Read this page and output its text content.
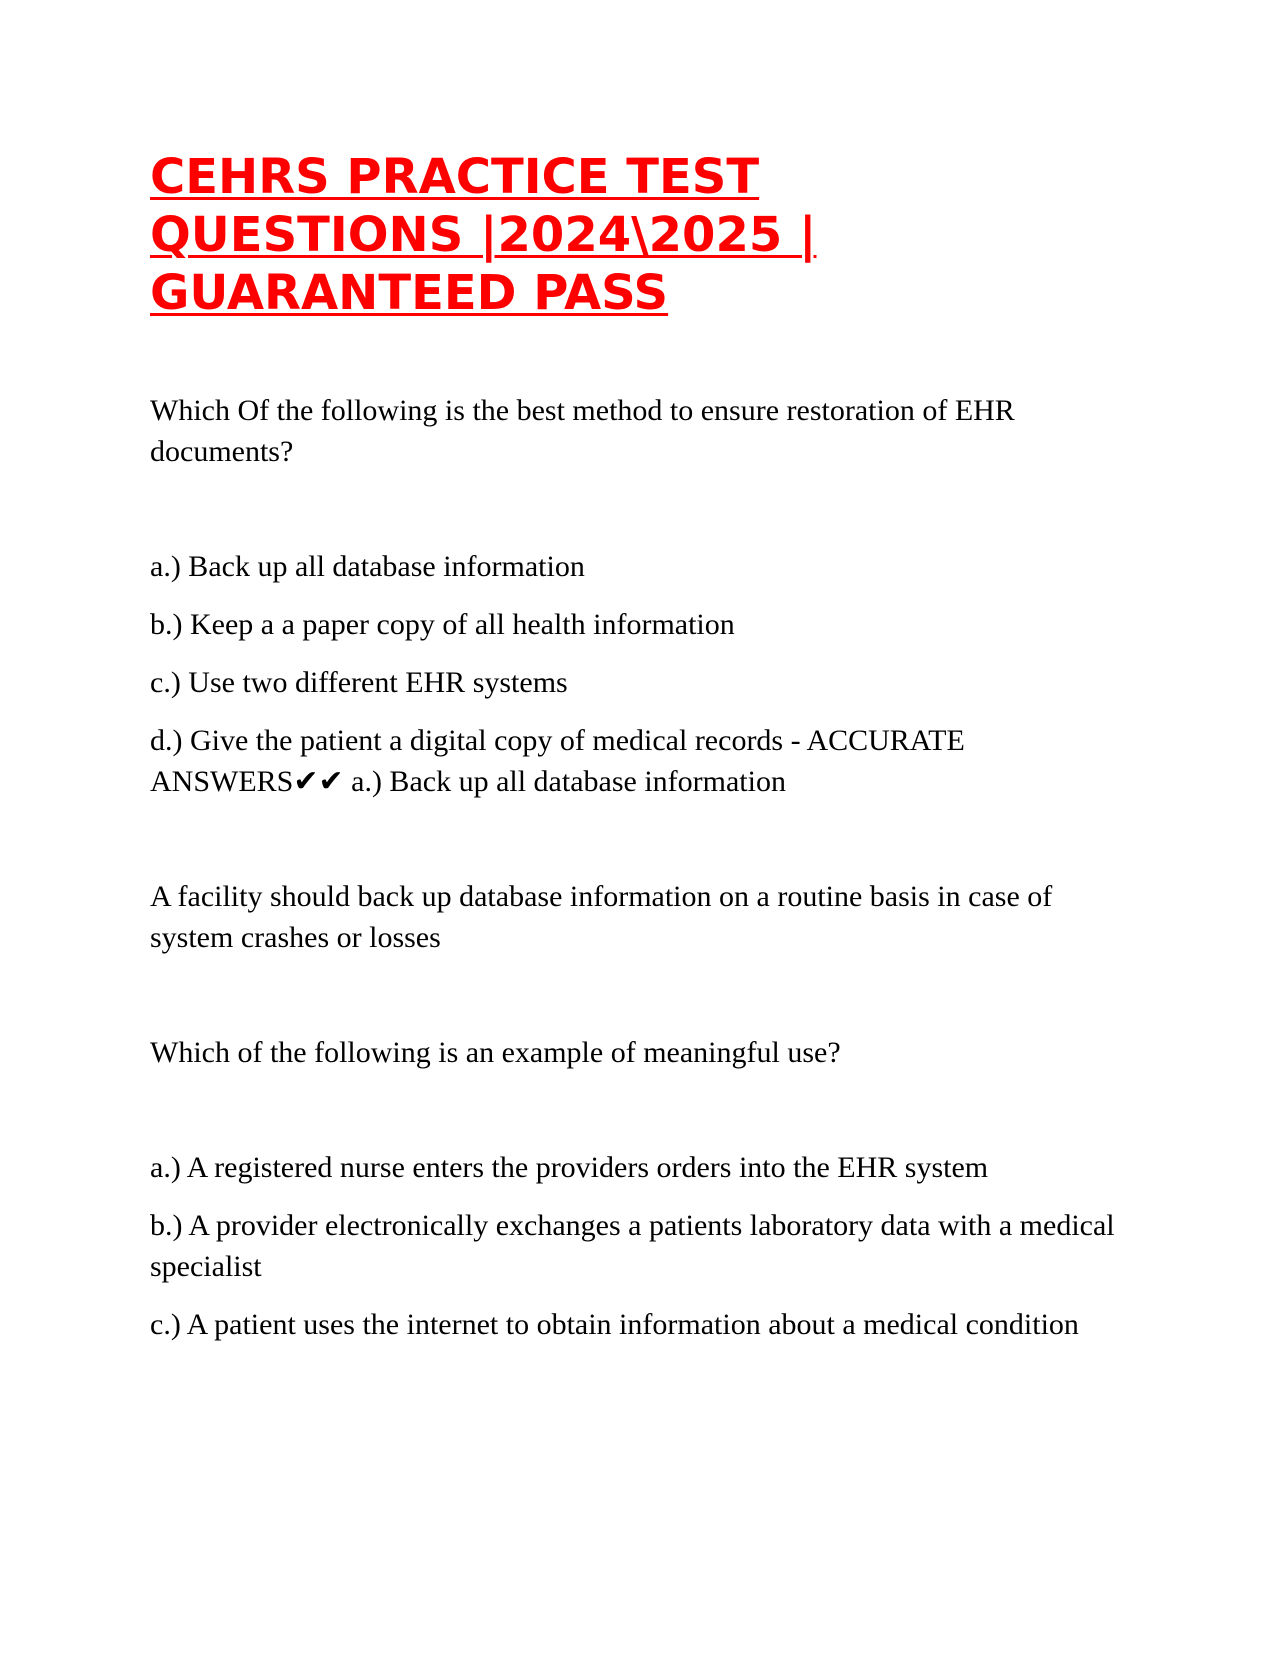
CEHRS PRACTICE TEST
QUESTIONS |2024\2025 |
GUARANTEED PASS

Which Of the following is the best method to ensure restoration of EHR documents?

a.) Back up all database information

b.) Keep a a paper copy of all health information

c.) Use two different EHR systems

d.) Give the patient a digital copy of medical records - ACCURATE ANSWERS✔✔ a.) Back up all database information

A facility should back up database information on a routine basis in case of system crashes or losses

Which of the following is an example of meaningful use?

a.) A registered nurse enters the providers orders into the EHR system

b.) A provider electronically exchanges a patients laboratory data with a medical specialist

c.) A patient uses the internet to obtain information about a medical condition
